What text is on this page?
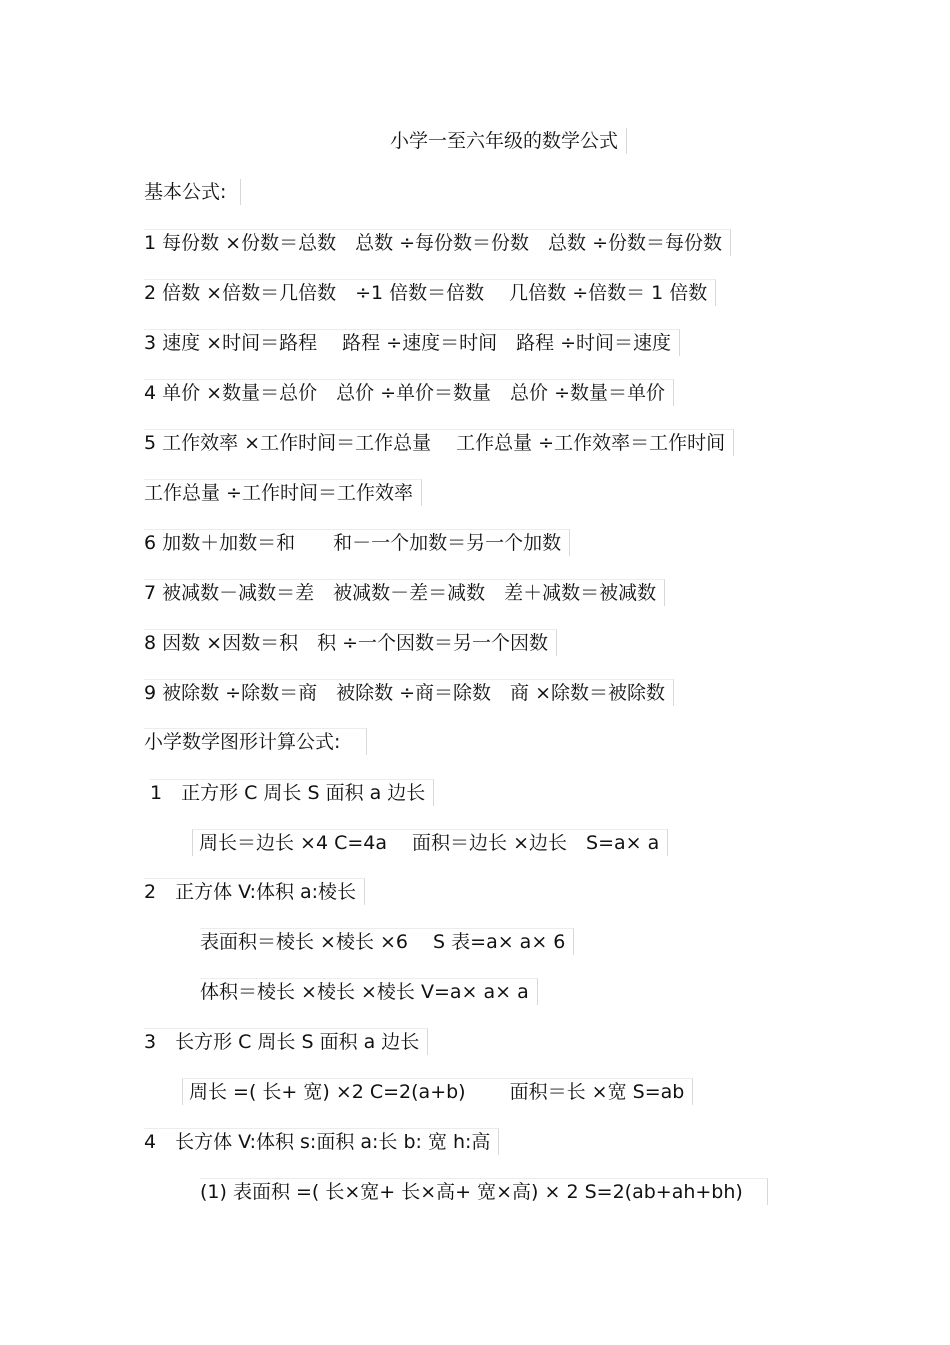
小学一至六年级的数学公式
基本公式:
1 每份数 ×份数＝总数　总数 ÷每份数＝份数　总数 ÷份数＝每份数
2 倍数 ×倍数＝几倍数　÷1 倍数＝倍数　 几倍数 ÷倍数＝ 1 倍数
3 速度 ×时间＝路程　 路程 ÷速度＝时间　路程 ÷时间＝速度
4 单价 ×数量＝总价　总价 ÷单价＝数量　总价 ÷数量＝单价
5 工作效率 ×工作时间＝工作总量　 工作总量 ÷工作效率＝工作时间
工作总量 ÷工作时间＝工作效率
6 加数＋加数＝和　　和－一个加数＝另一个加数
7 被减数－减数＝差　被减数－差＝减数　差＋减数＝被减数
8 因数 ×因数＝积　积 ÷一个因数＝另一个因数
9 被除数 ÷除数＝商　被除数 ÷商＝除数　商 ×除数＝被除数
小学数学图形计算公式:
1　正方形 C 周长 S 面积 a 边长
周长＝边长 ×4 C=4a　 面积＝边长 ×边长　S=a× a
2　正方体 V:体积 a:棱长
表面积＝棱长 ×棱长 ×6　 S 表=a× a× 6
体积＝棱长 ×棱长 ×棱长 V=a× a× a
3　长方形 C 周长 S 面积 a 边长
周长 =( 长+ 宽) ×2 C=2(a+b)　　 面积＝长 ×宽 S=ab
4　长方体 V:体积 s:面积 a:长 b: 宽 h:高
(1) 表面积 =( 长×宽+ 长×高+ 宽×高) × 2 S=2(ab+ah+bh)
